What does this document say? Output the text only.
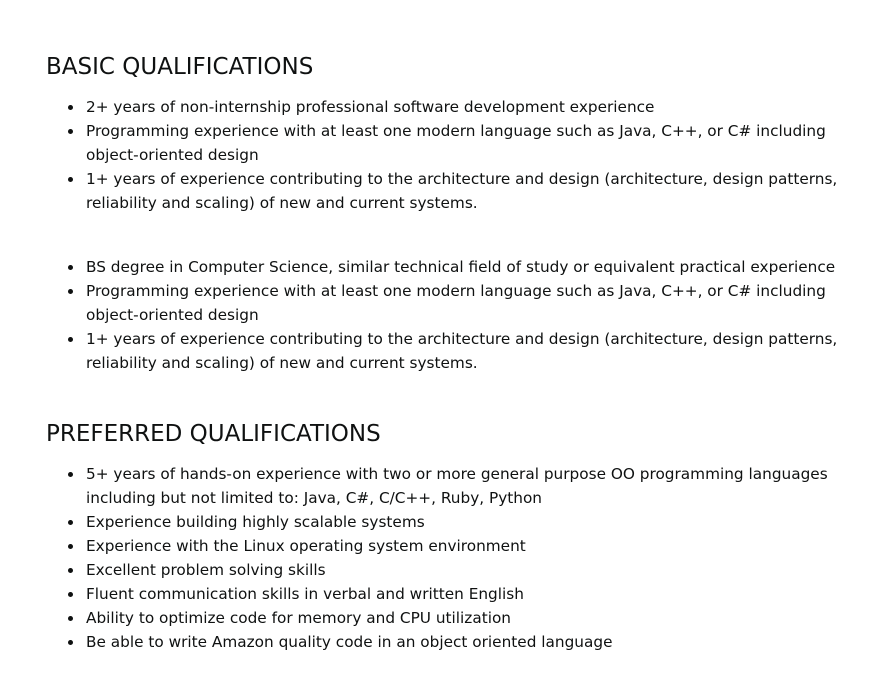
BASIC QUALIFICATIONS
2+ years of non-internship professional software development experience
Programming experience with at least one modern language such as Java, C++, or C# including object-oriented design
1+ years of experience contributing to the architecture and design (architecture, design patterns, reliability and scaling) of new and current systems.
BS degree in Computer Science, similar technical field of study or equivalent practical experience
Programming experience with at least one modern language such as Java, C++, or C# including object-oriented design
1+ years of experience contributing to the architecture and design (architecture, design patterns, reliability and scaling) of new and current systems.
PREFERRED QUALIFICATIONS
5+ years of hands-on experience with two or more general purpose OO programming languages including but not limited to: Java, C#, C/C++, Ruby, Python
Experience building highly scalable systems
Experience with the Linux operating system environment
Excellent problem solving skills
Fluent communication skills in verbal and written English
Ability to optimize code for memory and CPU utilization
Be able to write Amazon quality code in an object oriented language
